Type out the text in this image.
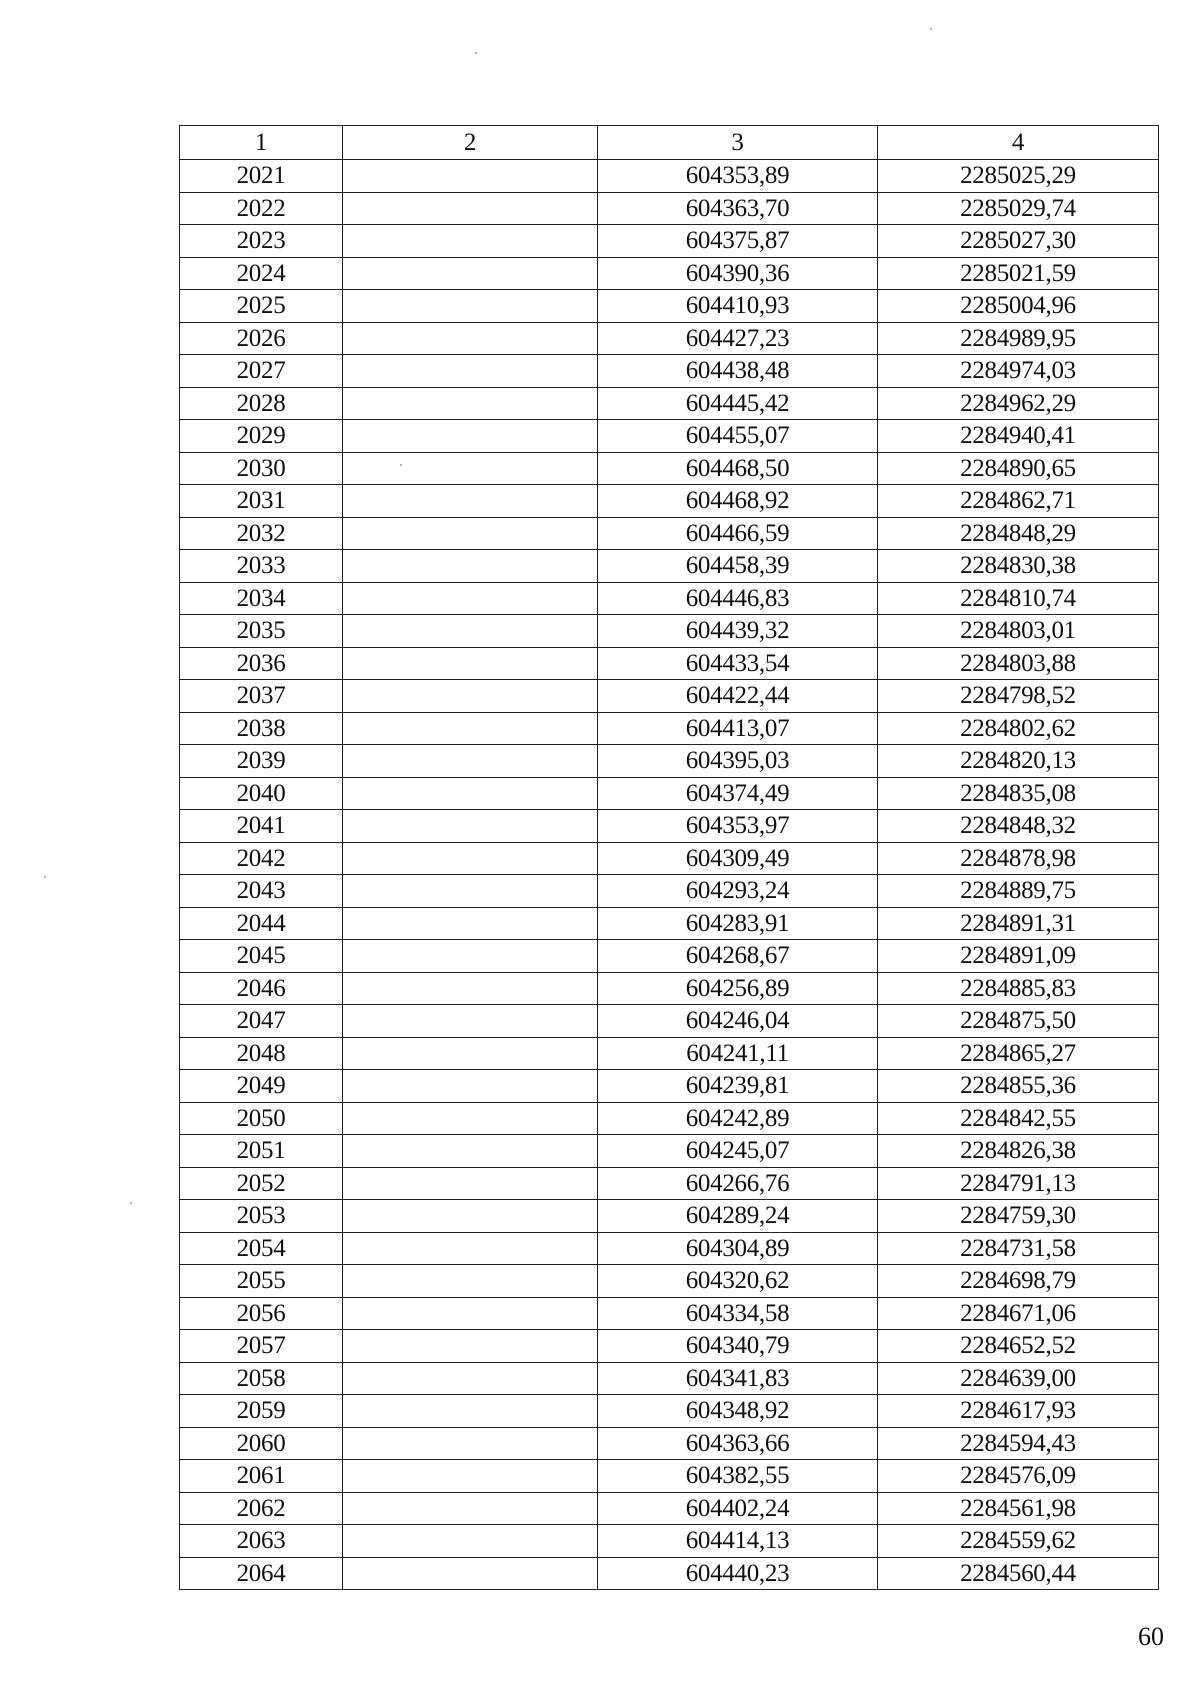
1	2	3	4
2021		604353,89	2285025,29
2022		604363,70	2285029,74
2023		604375,87	2285027,30
2024		604390,36	2285021,59
2025		604410,93	2285004,96
2026		604427,23	2284989,95
2027		604438,48	2284974,03
2028		604445,42	2284962,29
2029		604455,07	2284940,41
2030		604468,50	2284890,65
2031		604468,92	2284862,71
2032		604466,59	2284848,29
2033		604458,39	2284830,38
2034		604446,83	2284810,74
2035		604439,32	2284803,01
2036		604433,54	2284803,88
2037		604422,44	2284798,52
2038		604413,07	2284802,62
2039		604395,03	2284820,13
2040		604374,49	2284835,08
2041		604353,97	2284848,32
2042		604309,49	2284878,98
2043		604293,24	2284889,75
2044		604283,91	2284891,31
2045		604268,67	2284891,09
2046		604256,89	2284885,83
2047		604246,04	2284875,50
2048		604241,11	2284865,27
2049		604239,81	2284855,36
2050		604242,89	2284842,55
2051		604245,07	2284826,38
2052		604266,76	2284791,13
2053		604289,24	2284759,30
2054		604304,89	2284731,58
2055		604320,62	2284698,79
2056		604334,58	2284671,06
2057		604340,79	2284652,52
2058		604341,83	2284639,00
2059		604348,92	2284617,93
2060		604363,66	2284594,43
2061		604382,55	2284576,09
2062		604402,24	2284561,98
2063		604414,13	2284559,62
2064		604440,23	2284560,44
60
